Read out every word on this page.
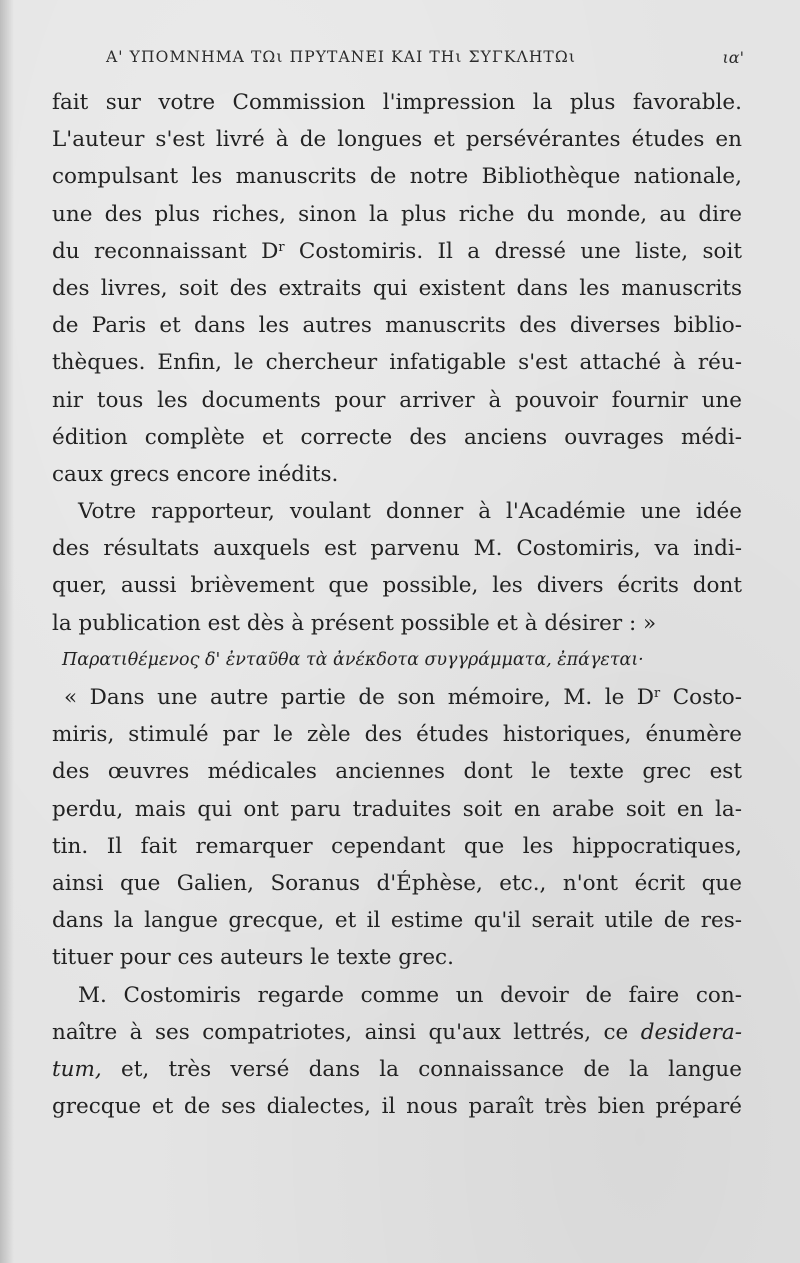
Α' ΥΠΟΜΝΗΜΑ ΤΩι ΠΡΥΤΑΝΕΙ ΚΑΙ ΤΗι ΣΥΓΚΛΗΤΩι	ια'
fait sur votre Commission l'impression la plus favorable.
L'auteur s'est livré à de longues et persévérantes études en
compulsant les manuscrits de notre Bibliothèque nationale,
une des plus riches, sinon la plus riche du monde, au dire
du reconnaissant $D^r$ Costomiris. Il a dressé une liste, soit
des livres, soit des extraits qui existent dans les manuscrits
de Paris et dans les autres manuscrits des diverses biblio-
thèques. Enfin, le chercheur infatigable s'est attaché à réu-
nir tous les documents pour arriver à pouvoir fournir une
édition complète et correcte des anciens ouvrages médi-
caux grecs encore inédits.
Votre rapporteur, voulant donner à l'Académie une idée
des résultats auxquels est parvenu M. Costomiris, va indi-
quer, aussi brièvement que possible, les divers écrits dont
la publication est dès à présent possible et à désirer : »
Παρατιθέμενος δ' ἐνταῦθα τὰ ἀνέκδοτα συγγράμματα, ἐπάγεται·
« Dans une autre partie de son mémoire, M. le $D^r$ Costo-
miris, stimulé par le zèle des études historiques, énumère
des œuvres médicales anciennes dont le texte grec est
perdu, mais qui ont paru traduites soit en arabe soit en la-
tin. Il fait remarquer cependant que les hippocratiques,
ainsi que Galien, Soranus d'Éphèse, etc., n'ont écrit que
dans la langue grecque, et il estime qu'il serait utile de res-
tituer pour ces auteurs le texte grec.
M. Costomiris regarde comme un devoir de faire con-
naître à ses compatriotes, ainsi qu'aux lettrés, ce desidera-
tum, et, très versé dans la connaissance de la langue
grecque et de ses dialectes, il nous paraît très bien préparé
